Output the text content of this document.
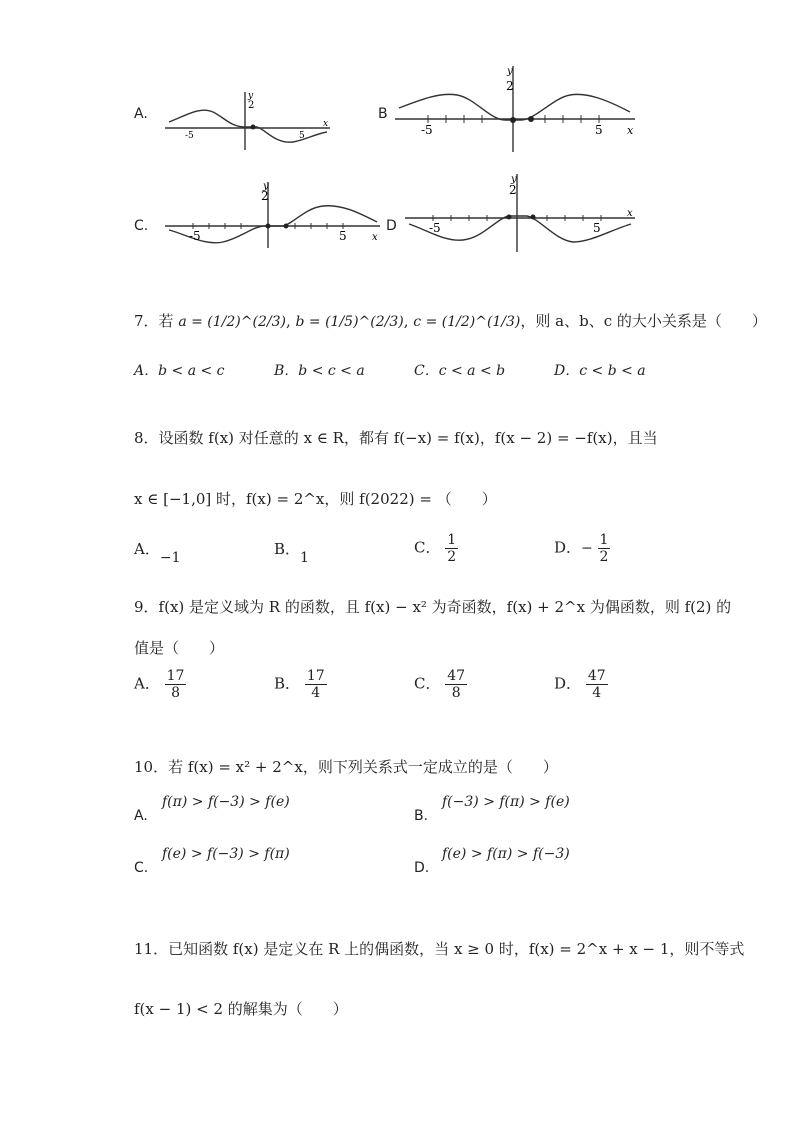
A.
2
y
x
-5	5
B
2
y
x
-5	5
C.
2
y
x
-5	5
D
2
y
x
-5	5
7．若 a = (1/2)^(2/3), b = (1/5)^(2/3), c = (1/2)^(1/3)，则 a、b、c 的大小关系是（　　）
A．b < a < c	B．b < c < a	C．c < a < b	D．c < b < a
8．设函数 f(x) 对任意的 x ∈ R，都有 f(−x) = f(x)，f(x − 2) = −f(x)，且当
x ∈ [−1,0] 时，f(x) = 2^x，则 f(2022) = （　　）
A．−1	B．1
C． $\frac{1}{2}$	D．− $\frac{1}{2}$
9．f(x) 是定义域为 R 的函数，且 f(x) − x² 为奇函数，f(x) + 2^x 为偶函数，则 f(2) 的
值是（　　）
A． $\frac{17}{8}$	B． $\frac{17}{4}$	C． $\frac{47}{8}$	D． $\frac{47}{4}$
10．若 f(x) = x² + 2^x，则下列关系式一定成立的是（　　）
A.
f(π) > f(−3) > f(e)
B.
f(−3) > f(π) > f(e)
C.
f(e) > f(−3) > f(π)
D.
f(e) > f(π) > f(−3)
11．已知函数 f(x) 是定义在 R 上的偶函数，当 x ≥ 0 时，f(x) = 2^x + x − 1，则不等式
f(x − 1) < 2 的解集为（　　）
